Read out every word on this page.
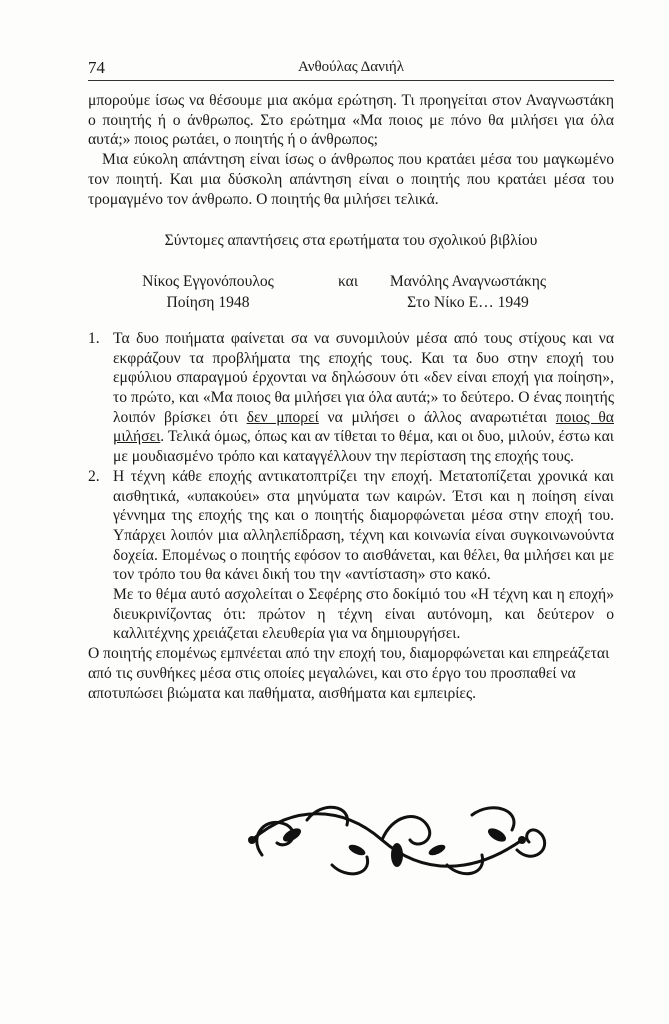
74	Ανθούλας Δανιήλ

μπορούμε ίσως να θέσουμε μια ακόμα ερώτηση. Τι προηγείται στον Αναγνωστάκη ο ποιητής ή ο άνθρωπος. Στο ερώτημα «Μα ποιος με πόνο θα μιλήσει για όλα αυτά;» ποιος ρωτάει, ο ποιητής ή ο άνθρωπος;

Μια εύκολη απάντηση είναι ίσως ο άνθρωπος που κρατάει μέσα του μαγκωμένο τον ποιητή. Και μια δύσκολη απάντηση είναι ο ποιητής που κρατάει μέσα του τρομαγμένο τον άνθρωπο. Ο ποιητής θα μιλήσει τελικά.

Σύντομες απαντήσεις στα ερωτήματα του σχολικού βιβλίου

Νίκος Εγγονόπουλος
Ποίηση 1948
και	Μανόλης Αναγνωστάκης
Στο Νίκο Ε… 1949
1. Τα δυο ποιήματα φαίνεται σα να συνομιλούν μέσα από τους στίχους και να εκφράζουν τα προβλήματα της εποχής τους. Και τα δυο στην εποχή του εμφύλιου σπαραγμού έρχονται να δηλώσουν ότι «δεν είναι εποχή για ποίηση», το πρώτο, και «Μα ποιος θα μιλήσει για όλα αυτά;» το δεύτερο. Ο ένας ποιητής λοιπόν βρίσκει ότι δεν μπορεί να μιλήσει ο άλλος αναρωτιέται ποιος θα μιλήσει. Τελικά όμως, όπως και αν τίθεται το θέμα, και οι δυο, μιλούν, έστω και με μουδιασμένο τρόπο και καταγγέλλουν την περίσταση της εποχής τους.

2. Η τέχνη κάθε εποχής αντικατοπτρίζει την εποχή. Μετατοπίζεται χρονικά και αισθητικά, «υπακούει» στα μηνύματα των καιρών. Έτσι και η ποίηση είναι γέννημα της εποχής της και ο ποιητής διαμορφώνεται μέσα στην εποχή του. Υπάρχει λοιπόν μια αλληλεπίδραση, τέχνη και κοινωνία είναι συγκοινωνούντα δοχεία. Επομένως ο ποιητής εφόσον το αισθάνεται, και θέλει, θα μιλήσει και με τον τρόπο του θα κάνει δική του την «αντίσταση» στο κακό.

Με το θέμα αυτό ασχολείται ο Σεφέρης στο δοκίμιό του «Η τέχνη και η εποχή» διευκρινίζοντας ότι: πρώτον η τέχνη είναι αυτόνομη, και δεύτερον ο καλλιτέχνης χρειάζεται ελευθερία για να δημιουργήσει.

Ο ποιητής επομένως εμπνέεται από την εποχή του, διαμορφώνεται και επηρεάζεται από τις συνθήκες μέσα στις οποίες μεγαλώνει, και στο έργο του προσπαθεί να αποτυπώσει βιώματα και παθήματα, αισθήματα και εμπειρίες.
